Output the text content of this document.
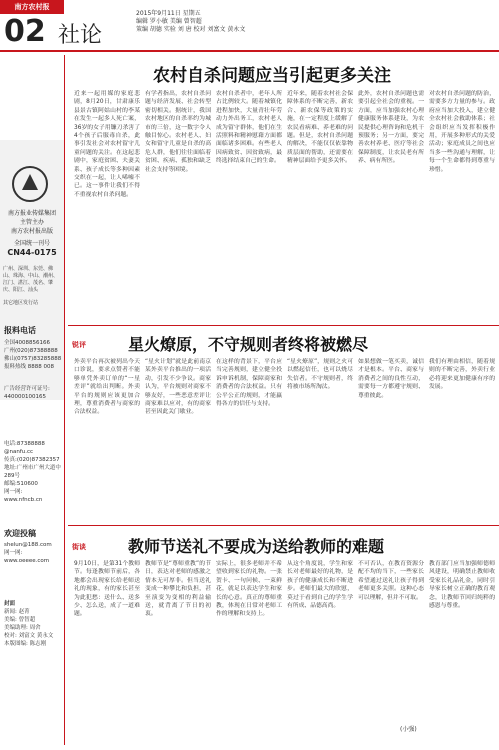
南方农村报
02 社论
2015年9月11日 星期五
编辑 罗小敏 美编 曾智超
策编 胡德 实验 刘 唐 校对 刘富文 黄永文
南方报业传媒集团
主管主办
南方农村报出版
全国统一刊号
CN44-0175
广州、深圳、东莞、佛山、珠海、中山、潮州、江门、湛江、茂名、肇庆、阳江、汕头
其它地区发行站
报料电话
全国4008856166
广州(020)87388888
佛山(0757)83285888
报料热线 8888 008
广告经营许可证号:
440000100165
电话:87388888
@nanfu.cc
传真:(020)87382357
地址:广州市广州大道中
289号
邮编:510600
网一网:
www.nfncb.cn
欢迎投稿
shelun@188.com
网一网:
www.oeeee.com
封面
新闻: 赵菁
美编: 曾智超
美编助理: 周舍
校对: 刘富文 黄永文
本版图编: 陈志刚
农村自杀问题应当引起更多关注
近来一起用媒的家庭悲剧，8月20日，甘肃康乐县景古镇阿姑山村的李某在发生一起多人死亡案，36岁的女子用镰刀杀害了4个孩子后服毒自杀，此事引发社会对农村留守儿童问题的关注。在这起悲剧中，家庭贫困、夫妻关系、孩子成长等多种因素交织在一起，让人唏嘘不已。这一事件让我们不得不重视农村自杀问题。
有学者指出，农村自杀问题与经济发展、社会转型密切相关。据统计，我国农村地区的自杀率约为城市的三倍，这一数字令人触目惊心。农村老人、妇女和留守儿童是自杀的高危人群，他们往往面临着贫困、疾病、孤独和缺乏社会支持等困境。
农村自杀者中，老年人所占比例较大。随着城镇化进程加快，大量青壮年劳动力外出务工，农村老人成为留守群体，他们在生活照料和精神慰藉方面都面临诸多困难。有些老人因病致贫、因贫致病，最终选择结束自己的生命。
近年来，随着农村社会保障体系的不断完善，新农合、新农保等政策的实施，在一定程度上缓解了农民看病难、养老难的问题。但是，农村自杀问题的解决，不能仅仅依靠物质层面的帮助，还需要在精神层面给予更多关怀。
此外，农村自杀问题也需要引起全社会的重视。一方面，应当加强农村心理健康服务体系建设，为农民提供心理咨询和危机干预服务；另一方面，要完善农村养老、医疗等社会保障制度，让农民老有所养、病有所医。
对农村自杀问题的防治，需要多方力量的参与。政府应当加大投入，建立健全农村社会救助体系；社会组织应当发挥积极作用，开展多种形式的关爱活动；家庭成员之间也应当多一些沟通与理解，让每一个生命都得到尊重与珍惜。
锐评	星火燎原，不守规则者终将被燃尽
外卖平台再次被列出今天口诊说，要求点赞者不能够单凭外卖订单的“一星差评”就给出判断。外卖平台的规则应该更加合理，尊重消费者与商家的合法权益。
“星火计划”就是此前南京某外卖平台推出的一项活动，引发不少争议。商家认为，平台规则对商家不够友好，一些恶意差评让商家难以应对，有的商家甚至因此关门歇业。
在这样的背景下，平台应当完善规则，建立健全投诉申诉机制，保障商家和消费者的合法权益。只有公平公正的规则，才能赢得各方的信任与支持。
“星火燎原”，规则之火可以燃起信任，也可以烧尽失信者。不守规则者，终将被市场所淘汰。
如果想做一笔买卖，诚信才是根本。平台、商家与消费者之间的良性互动，需要每一方都遵守规则、尊重彼此。
我们有理由相信，随着规则的不断完善，外卖行业必将迎来更加健康有序的发展。
街谈	教师节送礼不要成为送给教师的难题
9月10日，是第31个教师节。每逢教师节前后，各地都会出现家长给老师送礼的现象，有的家长甚至为此犯愁：送什么、送多少、怎么送，成了一道难题。
教师节是“尊师重教”的节日，表达对老师的感激之情本无可厚非。但当送礼变成一种攀比和负担，甚至演变为变相的利益输送，就背离了节日的初衷。
实际上，很多老师并不希望收到家长的礼物。一张贺卡、一句问候、一束鲜花，就足以表达学生和家长的心意。真正的尊师重教，体现在日常对老师工作的理解和支持上。
从这个角度说，学生和家长对老师最好的礼物，是孩子的健康成长和不断进步。老师们最大的欣慰，莫过于看到自己的学生学有所成、品德高尚。
不可否认，在教育资源分配不均的当下，一些家长希望通过送礼让孩子得到老师更多关照。这种心态可以理解，但并不可取。
教育部门应当加强师德师风建设，明确禁止教师收受家长礼品礼金，同时引导家长树立正确的教育观念，让教师节回归纯粹的感恩与尊重。
(小强)
